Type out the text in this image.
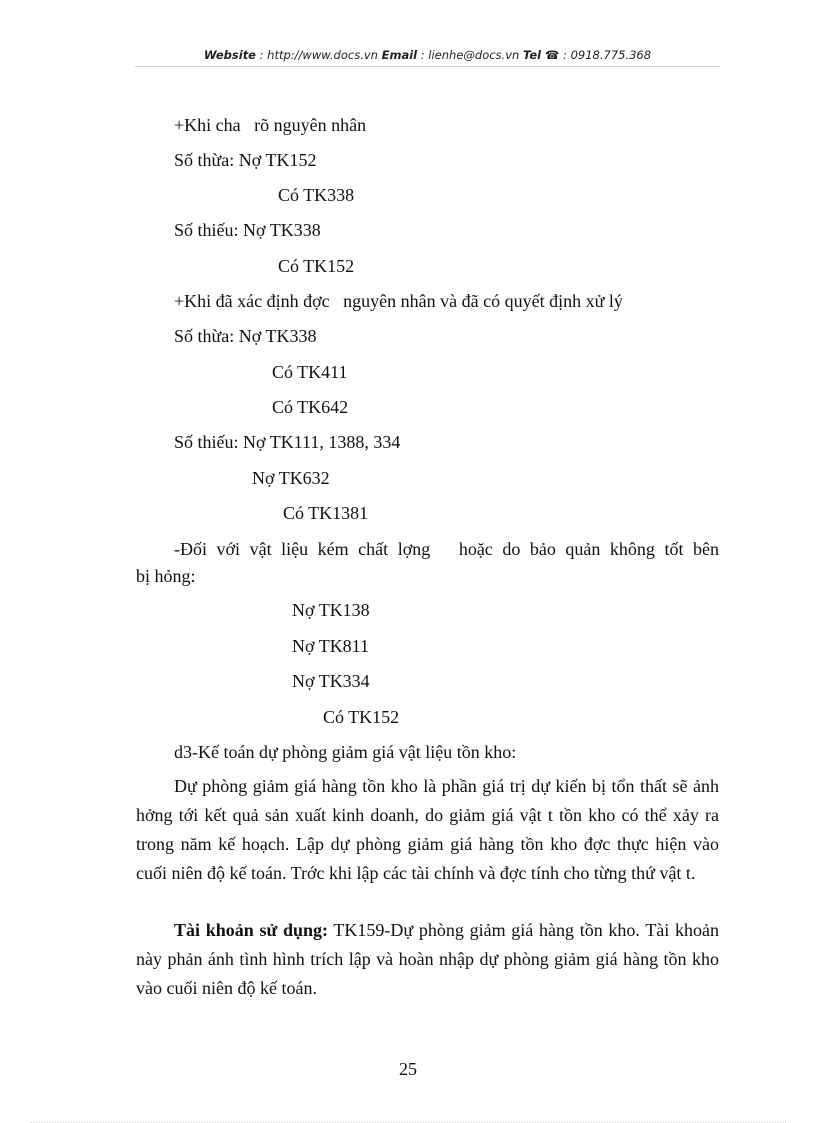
Website : http://www.docs.vn Email : lienhe@docs.vn Tel ☎ : 0918.775.368
+Khi cha   rõ nguyên nhân
Số thừa: Nợ TK152
Có TK338
Số thiếu: Nợ TK338
Có TK152
+Khi đã xác định đợc   nguyên nhân và đã có quyết định xử lý
Số thừa: Nợ TK338
Có TK411
Có TK642
Số thiếu: Nợ TK111, 1388, 334
Nợ TK632
Có TK1381
-Đối với vật liệu kém chất lợng   hoặc do bảo quản không tốt bên
bị hỏng:
Nợ TK138
Nợ TK811
Nợ TK334
Có TK152
d3-Kế toán dự phòng giảm giá vật liệu tồn kho:
Dự phòng giảm giá hàng tồn kho là phần giá trị dự kiến bị tổn thất sẽ ảnh hởng tới kết quả sản xuất kinh doanh, do giảm giá vật t tồn kho có thể xảy ra trong năm kế hoạch. Lập dự phòng giảm giá hàng tồn kho đợc thực hiện vào cuối niên độ kế toán. Trớc khi lập các tài chính và đợc tính cho từng thứ vật t.
Tài khoản sử dụng: TK159-Dự phòng giảm giá hàng tồn kho. Tài khoản này phản ánh tình hình trích lập và hoàn nhập dự phòng giảm giá hàng tồn kho vào cuối niên độ kế toán.
25
